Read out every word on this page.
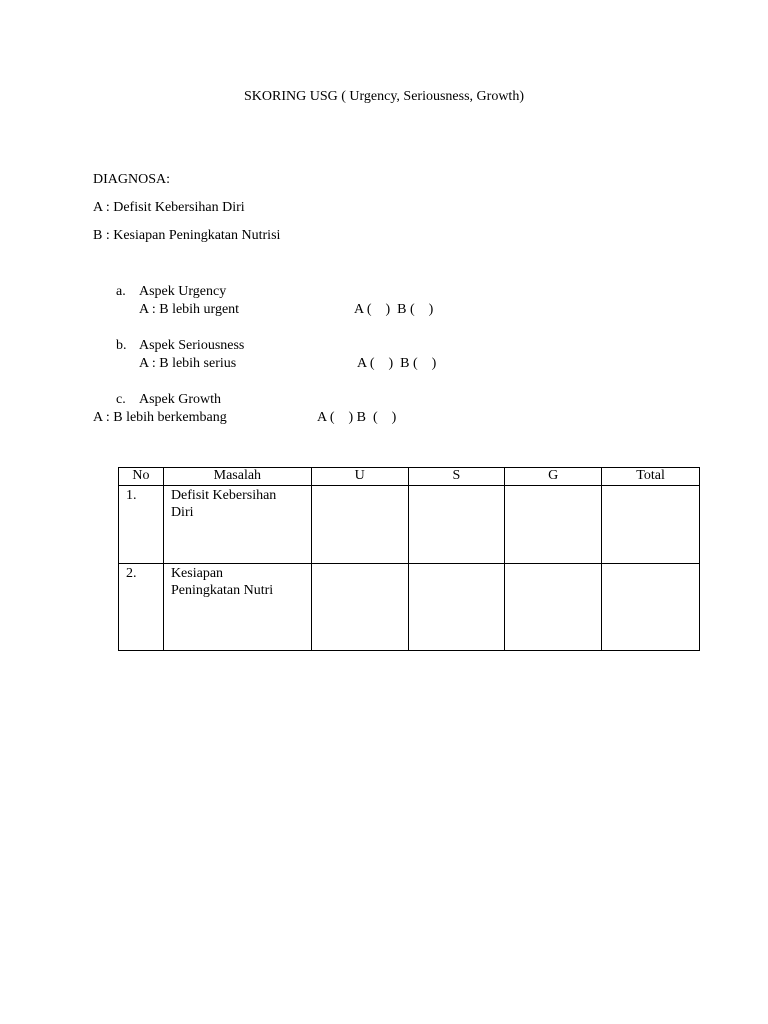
SKORING USG ( Urgency, Seriousness, Growth)
DIAGNOSA:
A : Defisit Kebersihan Diri
B : Kesiapan Peningkatan Nutrisi
a. Aspek Urgency
A : B lebih urgent	A (    )  B (    )
b. Aspek Seriousness
A : B lebih serius	A (    )  B (    )
c. Aspek Growth
A : B lebih berkembang	A (    ) B  (    )
No	Masalah	U	S	G	Total
1.	Defisit Kebersihan
Diri				

2.	Kesiapan
Peningkatan Nutri				
